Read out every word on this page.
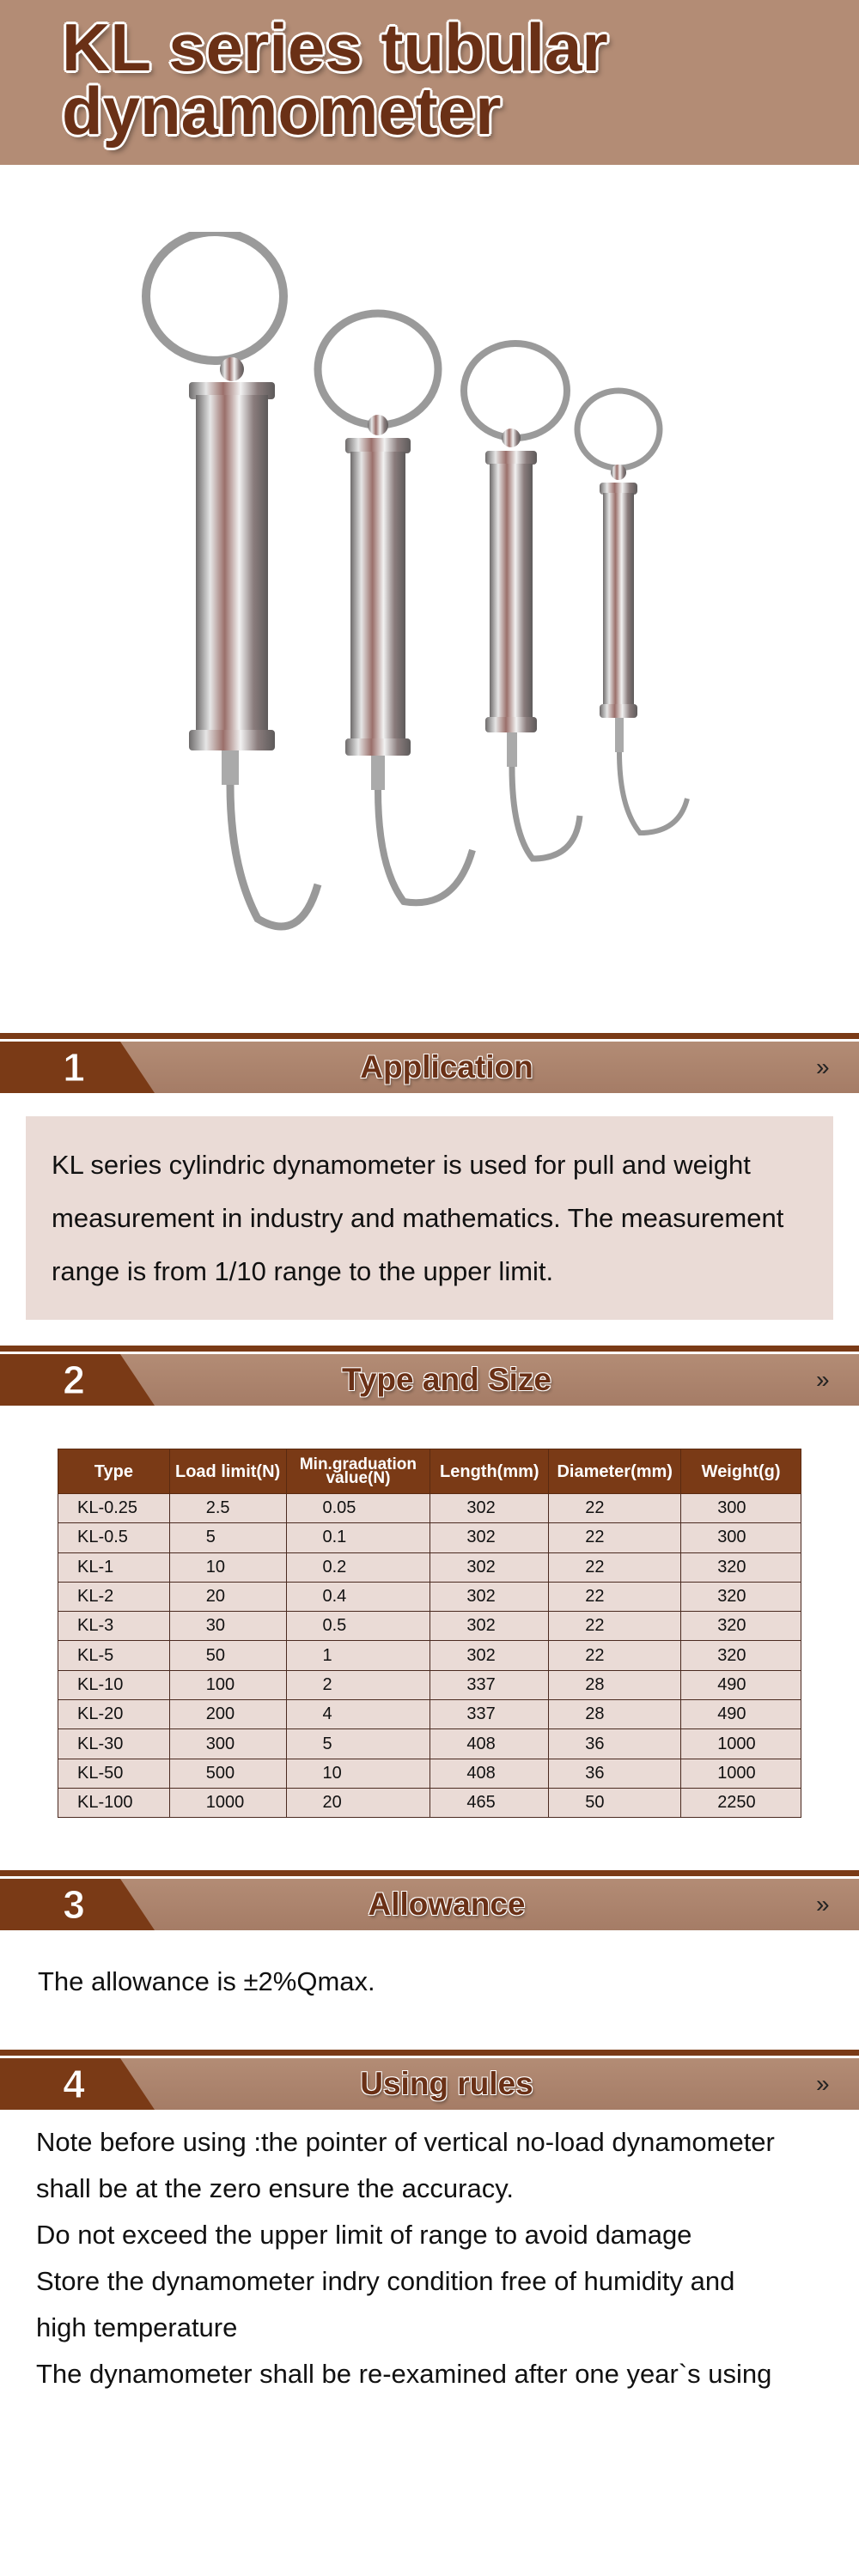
KL series tubular
dynamometer
1	Application	»
KL series cylindric dynamometer is used for pull and weight
measurement in industry and mathematics. The measurement
range is from 1/10 range to the upper limit.
2	Type and Size	»
Type	Load limit(N)	Min.graduation value(N)	Length(mm)	Diameter(mm)	Weight(g)
KL-0.25	2.5	0.05	302	22	300
KL-0.5	5	0.1	302	22	300
KL-1	10	0.2	302	22	320
KL-2	20	0.4	302	22	320
KL-3	30	0.5	302	22	320
KL-5	50	1	302	22	320
KL-10	100	2	337	28	490
KL-20	200	4	337	28	490
KL-30	300	5	408	36	1000
KL-50	500	10	408	36	1000
KL-100	1000	20	465	50	2250
3	Allowance	»
The allowance is ±2%Qmax.
4	Using rules	»
Note before using :the pointer of vertical no-load dynamometer
shall be at the zero ensure the accuracy.
Do not exceed the upper limit of range to avoid damage
Store the dynamometer indry condition free of humidity and
high temperature
The dynamometer shall be re-examined after one year`s using
